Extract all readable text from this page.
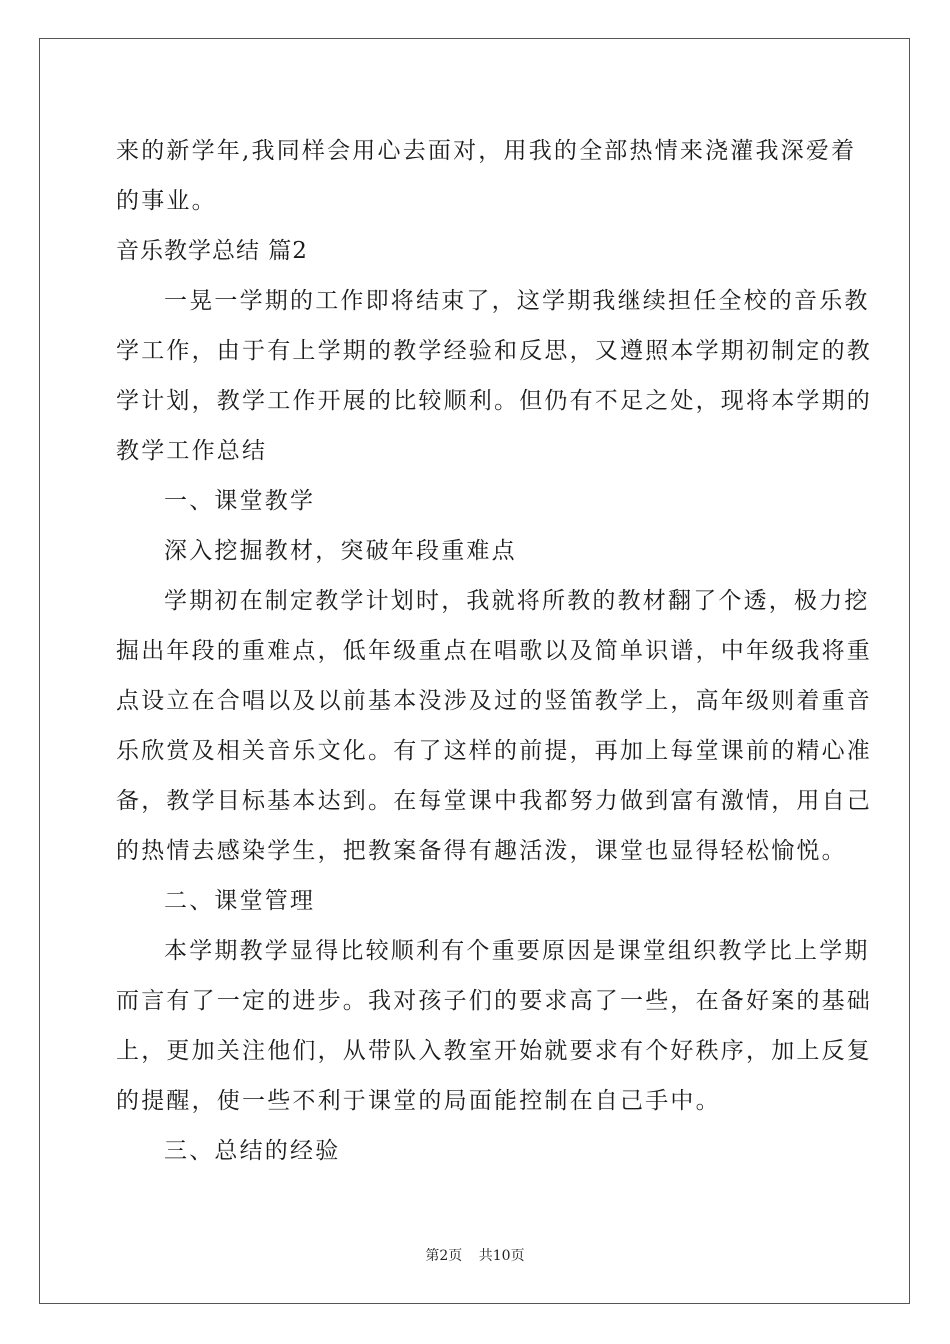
来的新学年,我同样会用心去面对，用我的全部热情来浇灌我深爱着
的事业。
音乐教学总结 篇2
一晃一学期的工作即将结束了，这学期我继续担任全校的音乐教
学工作，由于有上学期的教学经验和反思，又遵照本学期初制定的教
学计划，教学工作开展的比较顺利。但仍有不足之处，现将本学期的
教学工作总结
一、课堂教学
深入挖掘教材，突破年段重难点
学期初在制定教学计划时，我就将所教的教材翻了个透，极力挖
掘出年段的重难点，低年级重点在唱歌以及简单识谱，中年级我将重
点设立在合唱以及以前基本没涉及过的竖笛教学上，高年级则着重音
乐欣赏及相关音乐文化。有了这样的前提，再加上每堂课前的精心准
备，教学目标基本达到。在每堂课中我都努力做到富有激情，用自己
的热情去感染学生，把教案备得有趣活泼，课堂也显得轻松愉悦。
二、课堂管理
本学期教学显得比较顺利有个重要原因是课堂组织教学比上学期
而言有了一定的进步。我对孩子们的要求高了一些，在备好案的基础
上，更加关注他们，从带队入教室开始就要求有个好秩序，加上反复
的提醒，使一些不利于课堂的局面能控制在自己手中。
三、总结的经验
第2页 共10页
